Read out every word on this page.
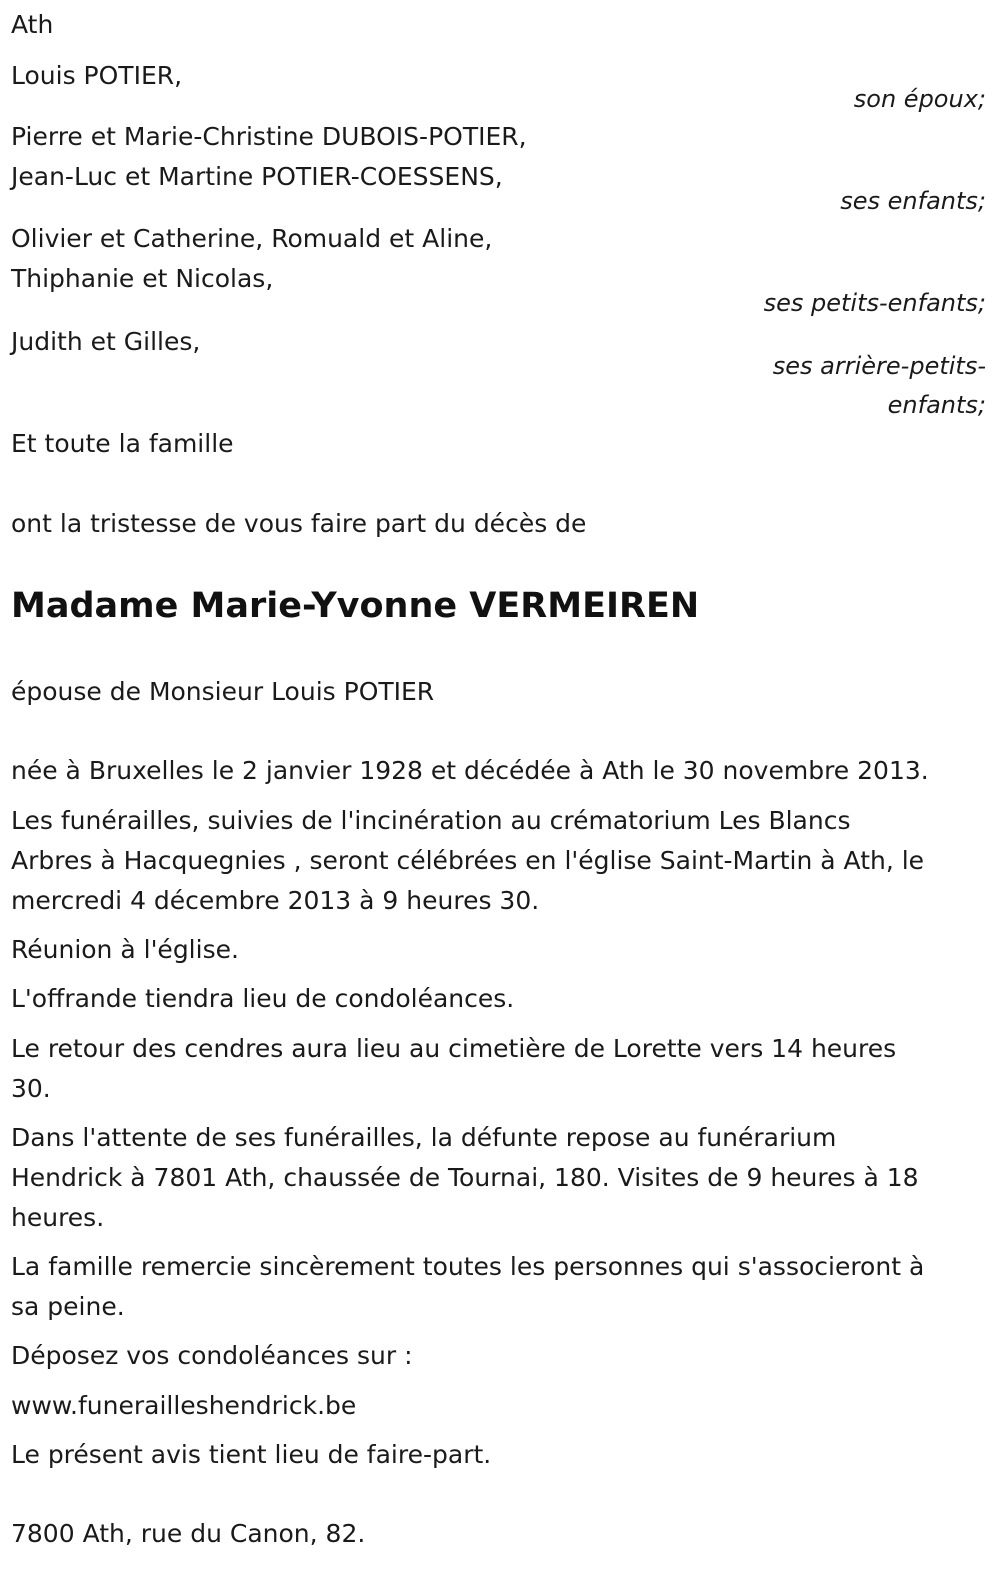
Ath
Louis POTIER,
son époux;
Pierre et Marie-Christine DUBOIS-POTIER,
Jean-Luc et Martine POTIER-COESSENS,
ses enfants;
Olivier et Catherine, Romuald et Aline,
Thiphanie et Nicolas,
ses petits-enfants;
Judith et Gilles,
ses arrière-petits-
enfants;
Et toute la famille
ont la tristesse de vous faire part du décès de
Madame Marie-Yvonne VERMEIREN
épouse de Monsieur Louis POTIER
née à Bruxelles le 2 janvier 1928 et décédée à Ath le 30 novembre 2013.
Les funérailles, suivies de l'incinération au crématorium Les Blancs
Arbres à Hacquegnies , seront célébrées en l'église Saint-Martin à Ath, le
mercredi 4 décembre 2013 à 9 heures 30.
Réunion à l'église.
L'offrande tiendra lieu de condoléances.
Le retour des cendres aura lieu au cimetière de Lorette vers 14 heures
30.
Dans l'attente de ses funérailles, la défunte repose au funérarium
Hendrick à 7801 Ath, chaussée de Tournai, 180. Visites de 9 heures à 18
heures.
La famille remercie sincèrement toutes les personnes qui s'associeront à
sa peine.
Déposez vos condoléances sur :
www.funerailleshendrick.be
Le présent avis tient lieu de faire-part.
7800 Ath, rue du Canon, 82.
